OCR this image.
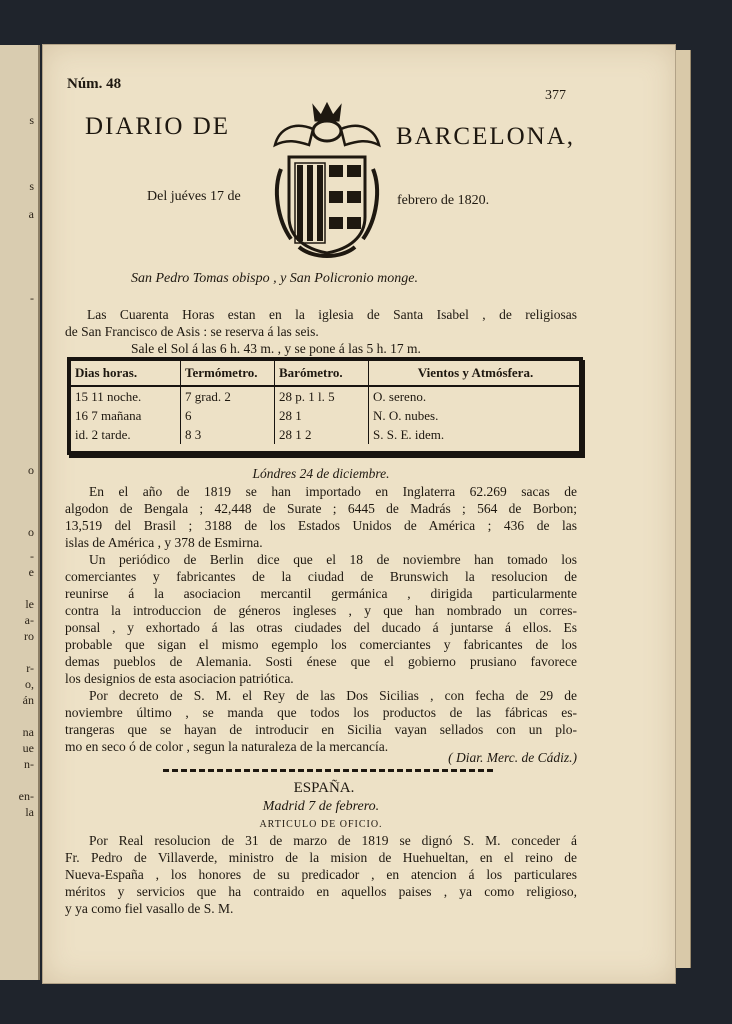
s
s
a
-
o
o
-
e
le
a-
ro
r-
o,
án
na
ue
n-
en-
la
Núm. 48
377
DIARIO DE	BARCELONA,
Del juéves 17 de	febrero de 1820.
San Pedro Tomas obispo , y San Policronio monge.
Las Cuarenta Horas estan en la iglesia de Santa Isabel , de religiosas
de San Francisco de Asis : se reserva á las seis.
Sale el Sol á las 6 h. 43 m. , y se pone á las 5 h. 17 m.
Dias horas.	Termómetro.	Barómetro.	Vientos y Atmósfera.
15 11 noche.	7 grad. 2	28 p. 1 l. 5	O. sereno.
16 7 mañana	6	28 1	N. O. nubes.
id. 2 tarde.	8 3	28 1 2	S. S. E. idem.
Lóndres 24 de diciembre.
En el año de 1819 se han importado en Inglaterra 62.269 sacas de
algodon de Bengala ; 42,448 de Surate ; 6445 de Madrás ; 564 de Borbon;
13,519 del Brasil ; 3188 de los Estados Unidos de América ; 436 de las
islas de América , y 378 de Esmirna.
Un periódico de Berlin dice que el 18 de noviembre han tomado los
comerciantes y fabricantes de la ciudad de Brunswich la resolucion de
reunirse á la asociacion mercantil germánica , dirigida particularmente
contra la introduccion de géneros ingleses , y que han nombrado un corres-
ponsal , y exhortado á las otras ciudades del ducado á juntarse á ellos. Es
probable que sigan el mismo egemplo los comerciantes y fabricantes de los
demas pueblos de Alemania. Sosti énese que el gobierno prusiano favorece
los designios de esta asociacion patriótica.
Por decreto de S. M. el Rey de las Dos Sicilias , con fecha de 29 de
noviembre último , se manda que todos los productos de las fábricas es-
trangeras que se hayan de introducir en Sicilia vayan sellados con un plo-
mo en seco ó de color , segun la naturaleza de la mercancía.
( Diar. Merc. de Cádiz.)
ESPAÑA.
Madrid 7 de febrero.
ARTICULO DE OFICIO.
Por Real resolucion de 31 de marzo de 1819 se dignó S. M. conceder á
Fr. Pedro de Villaverde, ministro de la mision de Huehueltan, en el reino de
Nueva-España , los honores de su predicador , en atencion á los particulares
méritos y servicios que ha contraido en aquellos paises , ya como religioso,
y ya como fiel vasallo de S. M.
